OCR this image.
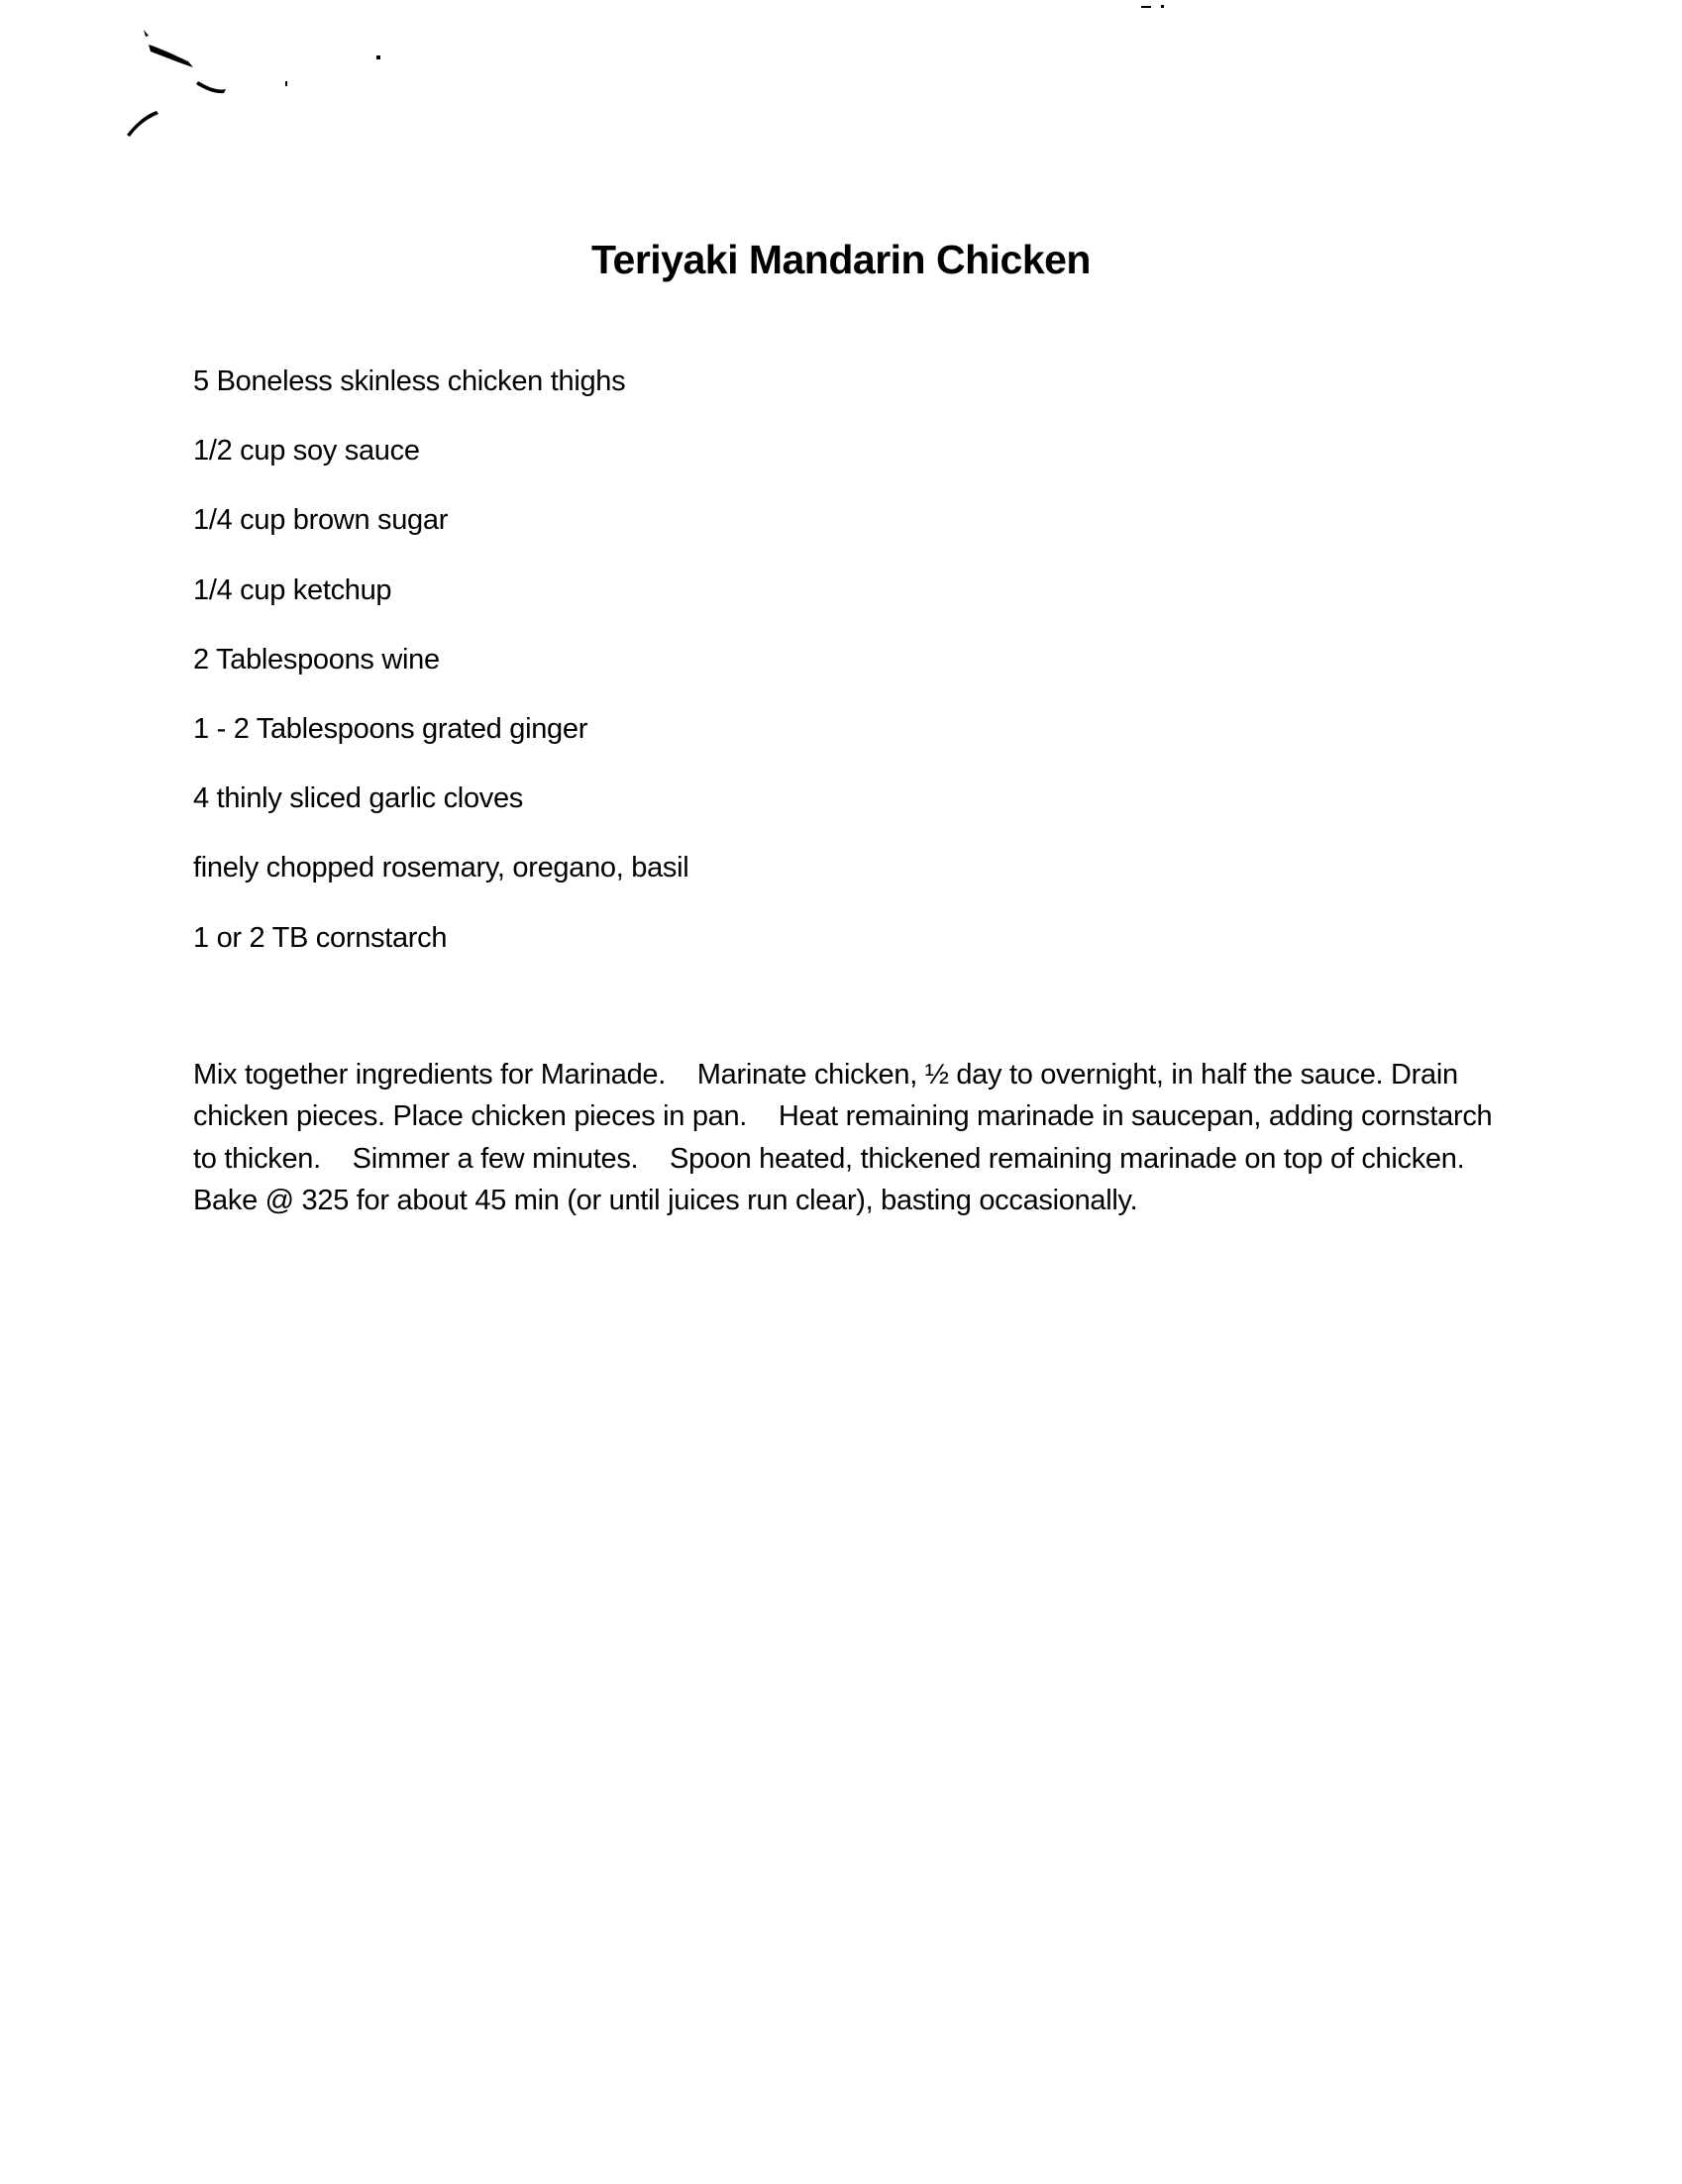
Teriyaki Mandarin Chicken
5 Boneless skinless chicken thighs
1/2 cup soy sauce
1/4 cup brown sugar
1/4 cup ketchup
2 Tablespoons wine
1 - 2 Tablespoons grated ginger
4 thinly sliced garlic cloves
finely chopped rosemary, oregano, basil
1 or 2 TB cornstarch

Mix together ingredients for Marinade. Marinate chicken, ½ day to overnight, in half the sauce. Drain chicken pieces. Place chicken pieces in pan. Heat remaining marinade in saucepan, adding cornstarch to thicken. Simmer a few minutes. Spoon heated, thickened remaining marinade on top of chicken. Bake @ 325 for about 45 min (or until juices run clear), basting occasionally.
